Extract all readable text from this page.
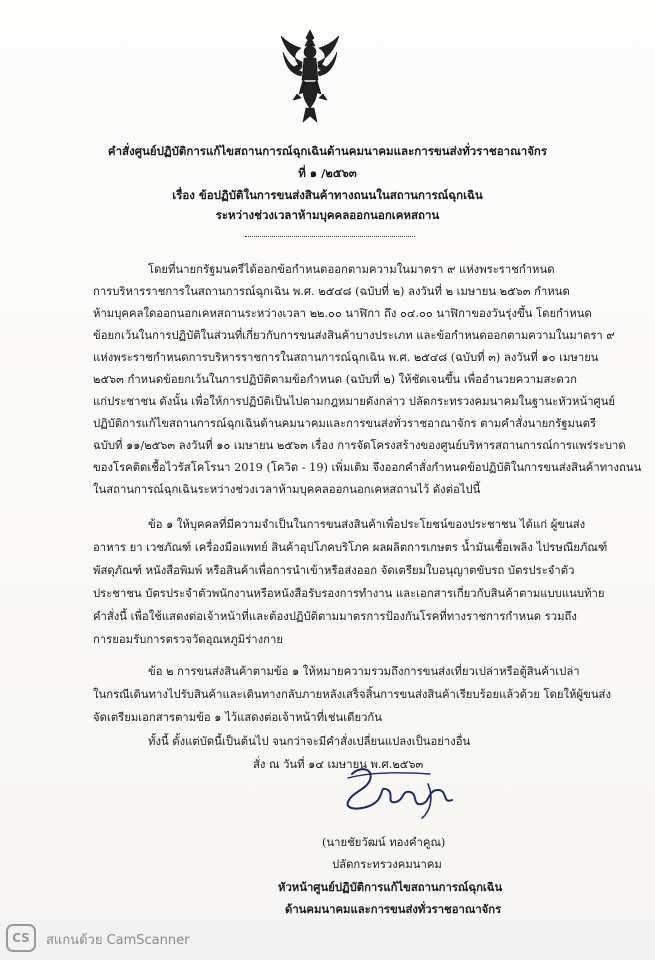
คำสั่งศูนย์ปฏิบัติการแก้ไขสถานการณ์ฉุกเฉินด้านคมนาคมและการขนส่งทั่วราชอาณาจักร
ที่ ๑ /๒๕๖๓
เรื่อง ข้อปฏิบัติในการขนส่งสินค้าทางถนนในสถานการณ์ฉุกเฉิน
ระหว่างช่วงเวลาห้ามบุคคลออกนอกเคหสถาน
โดยที่นายกรัฐมนตรีได้ออกข้อกำหนดออกตามความในมาตรา ๙ แห่งพระราชกำหนด
การบริหารราชการในสถานการณ์ฉุกเฉิน พ.ศ. ๒๕๔๘ (ฉบับที่ ๒) ลงวันที่ ๒ เมษายน ๒๕๖๓ กำหนด
ห้ามบุคคลใดออกนอกเคหสถานระหว่างเวลา ๒๒.๐๐ นาฬิกา ถึง ๐๔.๐๐ นาฬิกาของวันรุ่งขึ้น โดยกำหนด
ข้อยกเว้นในการปฏิบัติในส่วนที่เกี่ยวกับการขนส่งสินค้าบางประเภท และข้อกำหนดออกตามความในมาตรา ๙
แห่งพระราชกำหนดการบริหารราชการในสถานการณ์ฉุกเฉิน พ.ศ. ๒๕๔๘ (ฉบับที่ ๓) ลงวันที่ ๑๐ เมษายน
๒๕๖๓ กำหนดข้อยกเว้นในการปฏิบัติตามข้อกำหนด (ฉบับที่ ๒) ให้ชัดเจนขึ้น เพื่ออำนวยความสะดวก
แก่ประชาชน ดังนั้น เพื่อให้การปฏิบัติเป็นไปตามกฎหมายดังกล่าว ปลัดกระทรวงคมนาคมในฐานะหัวหน้าศูนย์
ปฏิบัติการแก้ไขสถานการณ์ฉุกเฉินด้านคมนาคมและการขนส่งทั่วราชอาณาจักร ตามคำสั่งนายกรัฐมนตรี
ฉบับที่ ๑๑/๒๕๖๓ ลงวันที่ ๑๐ เมษายน ๒๕๖๓ เรื่อง การจัดโครงสร้างของศูนย์บริหารสถานการณ์การแพร่ระบาด
ของโรคติดเชื้อไวรัสโคโรนา 2019 (โควิด - 19) เพิ่มเติม จึงออกคำสั่งกำหนดข้อปฏิบัติในการขนส่งสินค้าทางถนน
ในสถานการณ์ฉุกเฉินระหว่างช่วงเวลาห้ามบุคคลออกนอกเคหสถานไว้ ดังต่อไปนี้
ข้อ ๑ ให้บุคคลที่มีความจำเป็นในการขนส่งสินค้าเพื่อประโยชน์ของประชาชน ได้แก่ ผู้ขนส่ง
อาหาร ยา เวชภัณฑ์ เครื่องมือแพทย์ สินค้าอุปโภคบริโภค ผลผลิตการเกษตร น้ำมันเชื้อเพลิง ไปรษณียภัณฑ์
พัสดุภัณฑ์ หนังสือพิมพ์ หรือสินค้าเพื่อการนำเข้าหรือส่งออก จัดเตรียมใบอนุญาตขับรถ บัตรประจำตัว
ประชาชน บัตรประจำตัวพนักงานหรือหนังสือรับรองการทำงาน และเอกสารเกี่ยวกับสินค้าตามแบบแนบท้าย
คำสั่งนี้ เพื่อใช้แสดงต่อเจ้าหน้าที่และต้องปฏิบัติตามมาตรการป้องกันโรคที่ทางราชการกำหนด รวมถึง
การยอมรับการตรวจวัดอุณหภูมิร่างกาย
ข้อ ๒ การขนส่งสินค้าตามข้อ ๑ ให้หมายความรวมถึงการขนส่งเที่ยวเปล่าหรือตู้สินค้าเปล่า
ในกรณีเดินทางไปรับสินค้าและเดินทางกลับภายหลังเสร็จสิ้นการขนส่งสินค้าเรียบร้อยแล้วด้วย โดยให้ผู้ขนส่ง
จัดเตรียมเอกสารตามข้อ ๑ ไว้แสดงต่อเจ้าหน้าที่เช่นเดียวกัน
ทั้งนี้ ตั้งแต่บัดนี้เป็นต้นไป จนกว่าจะมีคำสั่งเปลี่ยนแปลงเป็นอย่างอื่น
สั่ง ณ วันที่ ๑๔ เมษายน พ.ศ.๒๕๖๓
(นายชัยวัฒน์ ทองคำคูณ)
ปลัดกระทรวงคมนาคม
หัวหน้าศูนย์ปฏิบัติการแก้ไขสถานการณ์ฉุกเฉิน
ด้านคมนาคมและการขนส่งทั่วราชอาณาจักร
CS	สแกนด้วย CamScanner
